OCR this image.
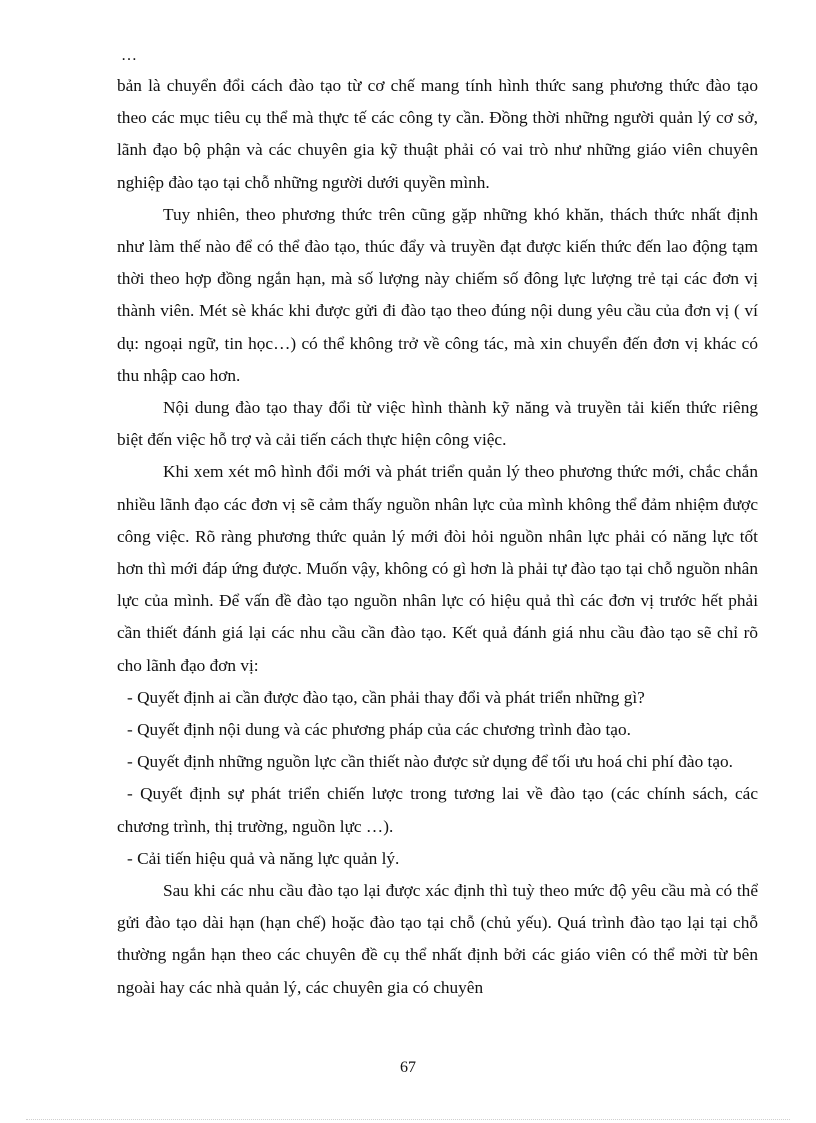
…

bản là chuyển đổi cách đào tạo từ cơ chế mang tính hình thức sang phương thức đào tạo theo các mục tiêu cụ thể mà thực tế các công ty cần. Đồng thời những người quản lý cơ sở, lãnh đạo bộ phận và các chuyên gia kỹ thuật phải có vai trò như những giáo viên chuyên nghiệp đào tạo tại chỗ những người dưới quyền mình.

Tuy nhiên, theo phương thức trên cũng gặp những khó khăn, thách thức nhất định như làm thế nào để có thể đào tạo, thúc đẩy và truyền đạt được kiến thức đến lao động tạm thời theo hợp đồng ngắn hạn, mà số lượng này chiếm số đông lực lượng trẻ tại các đơn vị thành viên. Mét sè khác khi được gửi đi đào tạo theo đúng nội dung yêu cầu của đơn vị ( ví dụ: ngoại ngữ, tin học…) có thể không trở về công tác, mà xin chuyển đến đơn vị khác có thu nhập cao hơn.

Nội dung đào tạo thay đổi từ việc hình thành kỹ năng và truyền tải kiến thức riêng biệt đến việc hỗ trợ và cải tiến cách thực hiện công việc.

Khi xem xét mô hình đổi mới và phát triển quản lý theo phương thức mới, chắc chắn nhiều lãnh đạo các đơn vị sẽ cảm thấy nguồn nhân lực của mình không thể đảm nhiệm được công việc. Rõ ràng phương thức quản lý mới đòi hỏi nguồn nhân lực phải có năng lực tốt hơn thì mới đáp ứng được. Muốn vậy, không có gì hơn là phải tự đào tạo tại chỗ nguồn nhân lực của mình. Để vấn đề đào tạo nguồn nhân lực có hiệu quả thì các đơn vị trước hết phải cần thiết đánh giá lại các nhu cầu cần đào tạo. Kết quả đánh giá nhu cầu đào tạo sẽ chỉ rõ cho lãnh đạo đơn vị:

- Quyết định ai cần được đào tạo, cần phải thay đổi và phát triển những gì?

- Quyết định nội dung và các phương pháp của các chương trình đào tạo.

- Quyết định những nguồn lực cần thiết nào được sử dụng để tối ưu hoá chi phí đào tạo.

- Quyết định sự phát triển chiến lược trong tương lai về đào tạo (các chính sách, các chương trình, thị trường, nguồn lực …).

- Cải tiến hiệu quả và năng lực quản lý.

Sau khi các nhu cầu đào tạo lại được xác định thì tuỳ theo mức độ yêu cầu mà có thể gửi đào tạo dài hạn (hạn chế) hoặc đào tạo tại chỗ (chủ yếu). Quá trình đào tạo lại tại chỗ thường ngắn hạn theo các chuyên đề cụ thể nhất định bởi các giáo viên có thể mời từ bên ngoài hay các nhà quản lý, các chuyên gia có chuyên

67
